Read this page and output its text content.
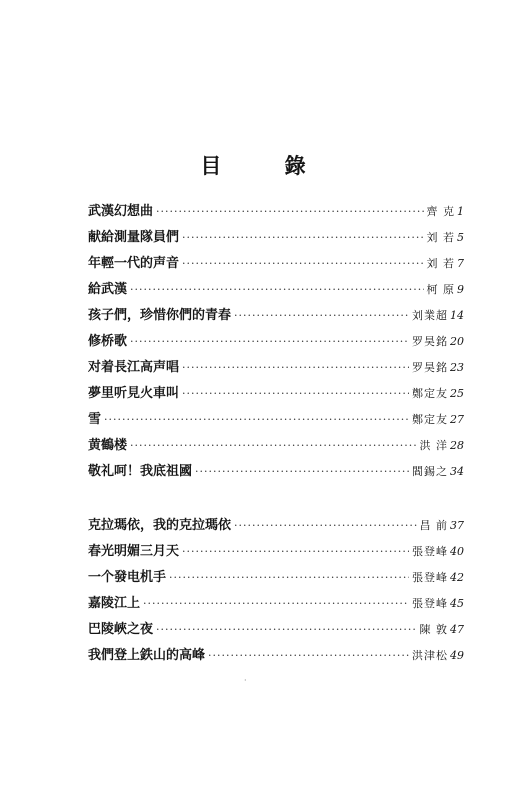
目 錄
武漢幻想曲 ·····	齊 克 1
献給測量隊員們 ·····	刘 若 5
年輕一代的声音 ·····	刘 若 7
給武漢 ·····	柯 原 9
孩子們，珍惜你們的青春 ·····	刘業超 14
修桥歌 ·····	罗昊銘 20
对着長江高声唱 ·····	罗昊銘 23
夢里听見火車叫 ·····	鄭定友 25
雪 ·····	鄭定友 27
黄鶴楼 ·····	洪 洋 28
敬礼呵！我底祖國 ·····	閻錫之 34
克拉瑪依，我的克拉瑪依 ·····	昌 前 37
春光明媚三月天 ·····	張登峰 40
一个發电机手 ·····	張登峰 42
嘉陵江上 ·····	張登峰 45
巴陵峽之夜 ·····	陳 敦 47
我們登上鉄山的高峰 ·····	洪津松 49
·
